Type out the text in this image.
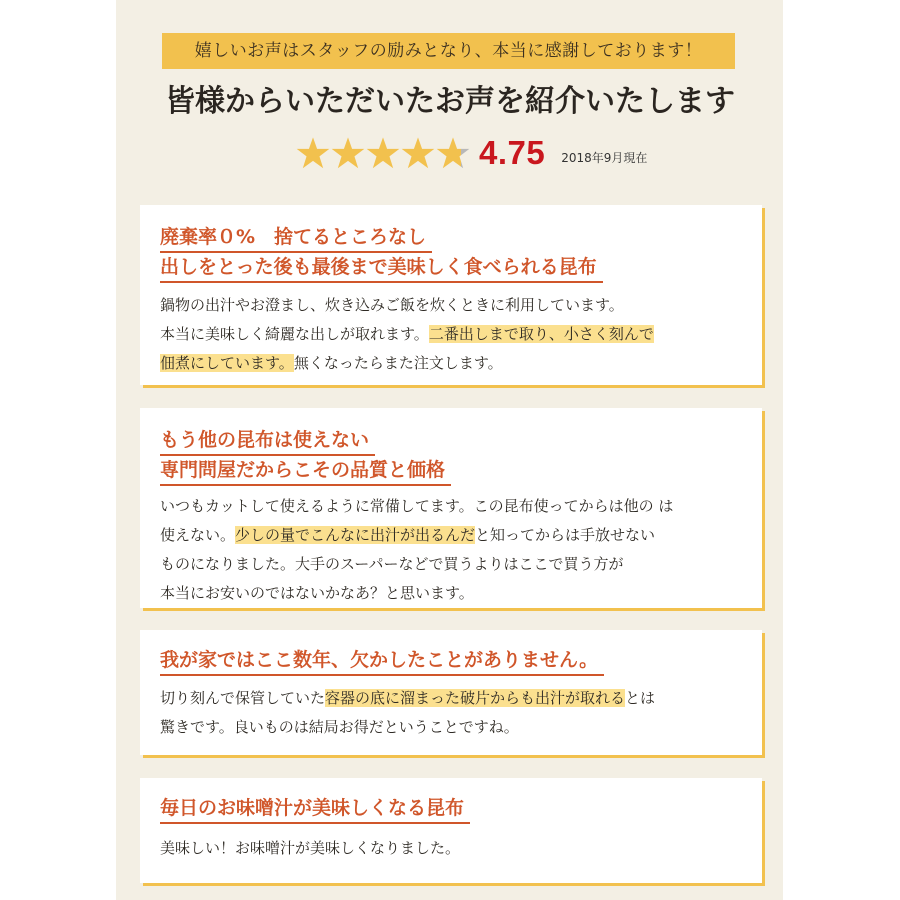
嬉しいお声はスタッフの励みとなり、本当に感謝しております！
皆様からいただいたお声を紹介いたします
4.75 2018年9月現在
廃棄率０%　捨てるところなし
出しをとった後も最後まで美味しく食べられる昆布
鍋物の出汁やお澄まし、炊き込みご飯を炊くときに利用しています。
本当に美味しく綺麗な出しが取れます。二番出しまで取り、小さく刻んで
佃煮にしています。無くなったらまた注文します。
もう他の昆布は使えない
専門問屋だからこその品質と価格
いつもカットして使えるように常備してます。この昆布使ってからは他の は
使えない。少しの量でこんなに出汁が出るんだと知ってからは手放せない
ものになりました。大手のスーパーなどで買うよりはここで買う方が
本当にお安いのではないかなあ？と思います。
我が家ではここ数年、欠かしたことがありません。
切り刻んで保管していた容器の底に溜まった破片からも出汁が取れるとは
驚きです。良いものは結局お得だということですね。
毎日のお味噌汁が美味しくなる昆布
美味しい！お味噌汁が美味しくなりました。
